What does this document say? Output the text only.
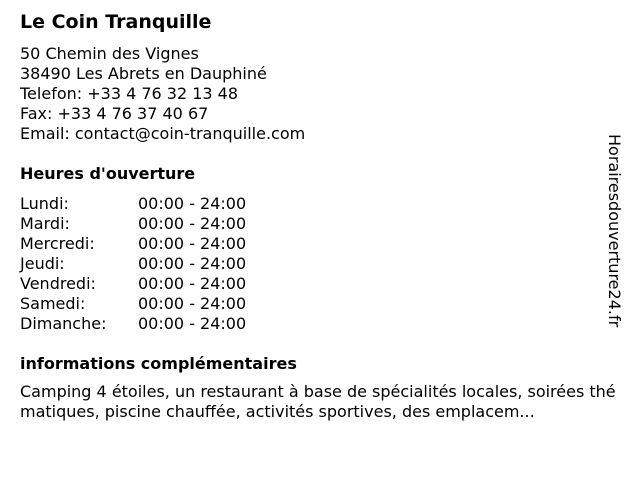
Le Coin Tranquille
50 Chemin des Vignes
38490 Les Abrets en Dauphiné
Telefon: +33 4 76 32 13 48
Fax: +33 4 76 37 40 67
Email: contact@coin-tranquille.com
Heures d'ouverture
Lundi:	00:00 - 24:00
Mardi:	00:00 - 24:00
Mercredi:	00:00 - 24:00
Jeudi:	00:00 - 24:00
Vendredi:	00:00 - 24:00
Samedi:	00:00 - 24:00
Dimanche:	00:00 - 24:00
informations complémentaires
Camping 4 étoiles, un restaurant à base de spécialités locales, soirées thématiques, piscine chauffée, activités sportives, des emplacem...
Horairesdouverture24.fr
